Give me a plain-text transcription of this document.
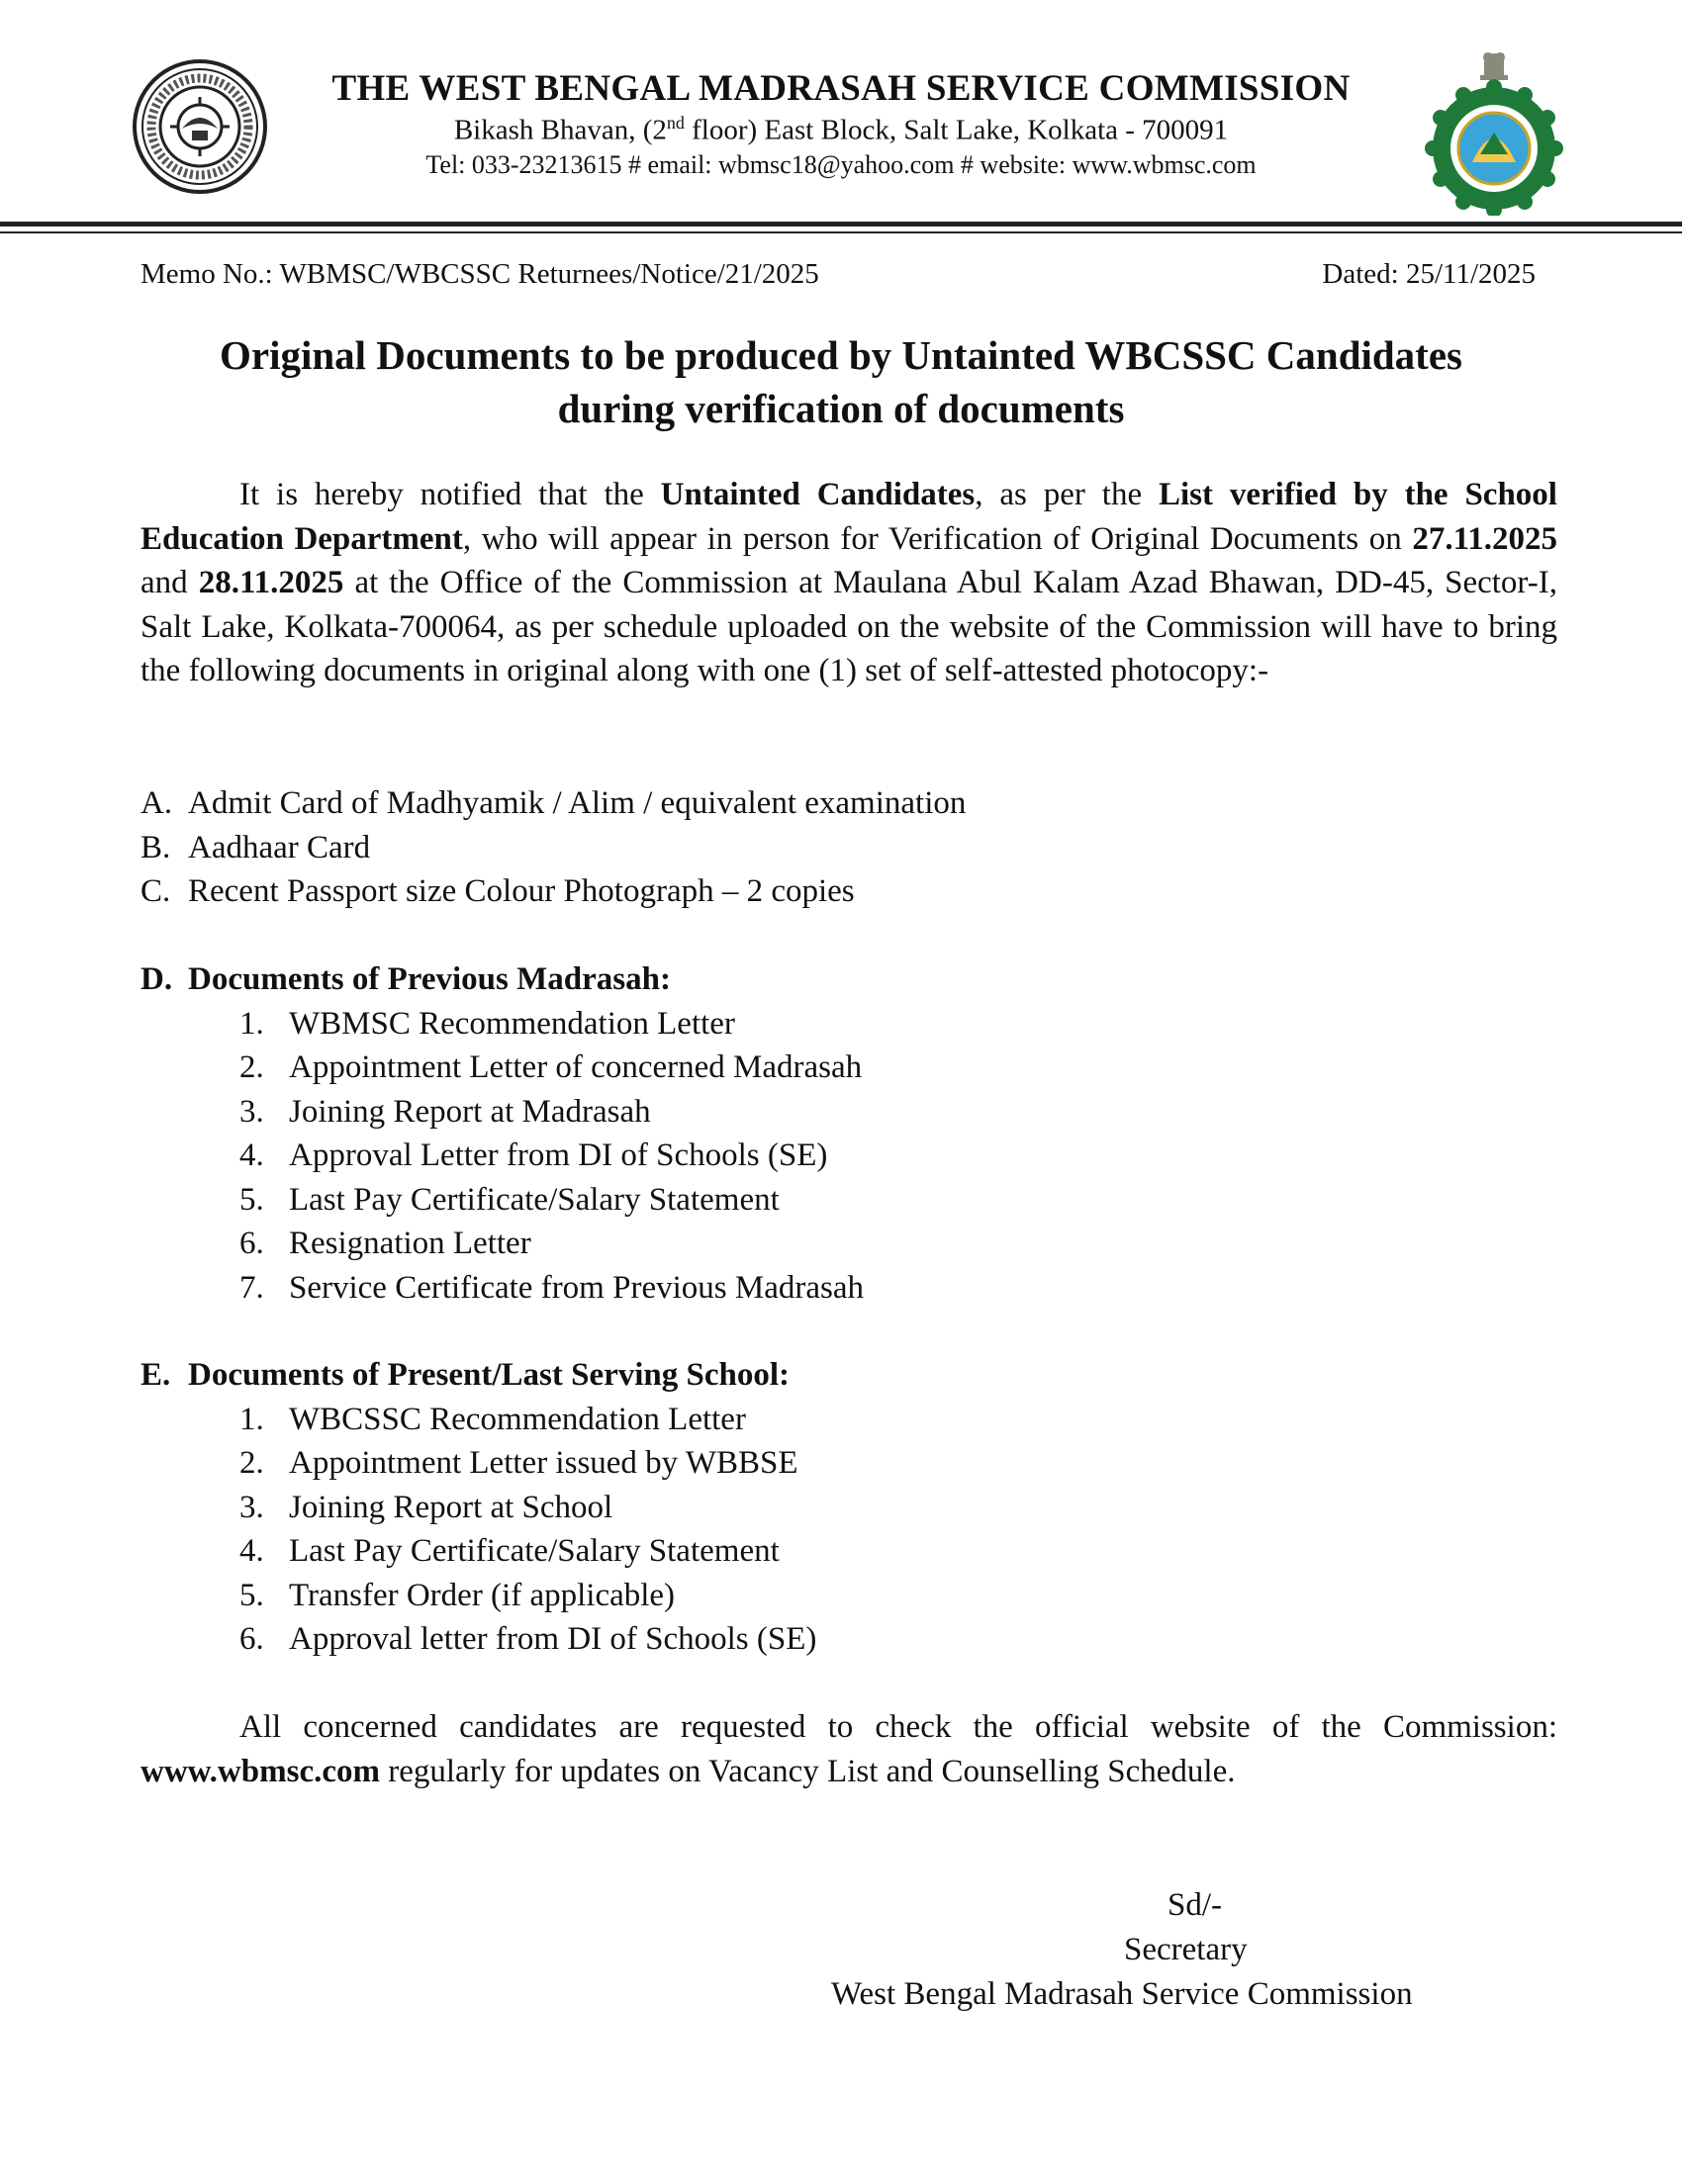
THE WEST BENGAL MADRASAH SERVICE COMMISSION
Bikash Bhavan, (2nd floor) East Block, Salt Lake, Kolkata - 700091
Tel: 033-23213615 # email: wbmsc18@yahoo.com # website: www.wbmsc.com
Memo No.: WBMSC/WBCSSC Returnees/Notice/21/2025	Dated: 25/11/2025
Original Documents to be produced by Untainted WBCSSC Candidates
during verification of documents
It is hereby notified that the Untainted Candidates, as per the List verified by the School Education Department, who will appear in person for Verification of Original Documents on 27.11.2025 and 28.11.2025 at the Office of the Commission at Maulana Abul Kalam Azad Bhawan, DD-45, Sector-I, Salt Lake, Kolkata-700064, as per schedule uploaded on the website of the Commission will have to bring the following documents in original along with one (1) set of self-attested photocopy:-
A. Admit Card of Madhyamik / Alim / equivalent examination
B. Aadhaar Card
C. Recent Passport size Colour Photograph – 2 copies
D. Documents of Previous Madrasah:
1. WBMSC Recommendation Letter
2. Appointment Letter of concerned Madrasah
3. Joining Report at Madrasah
4. Approval Letter from DI of Schools (SE)
5. Last Pay Certificate/Salary Statement
6. Resignation Letter
7. Service Certificate from Previous Madrasah
E. Documents of Present/Last Serving School:
1. WBCSSC Recommendation Letter
2. Appointment Letter issued by WBBSE
3. Joining Report at School
4. Last Pay Certificate/Salary Statement
5. Transfer Order (if applicable)
6. Approval letter from DI of Schools (SE)
All concerned candidates are requested to check the official website of the Commission: www.wbmsc.com regularly for updates on Vacancy List and Counselling Schedule.
Sd/-
Secretary
West Bengal Madrasah Service Commission
